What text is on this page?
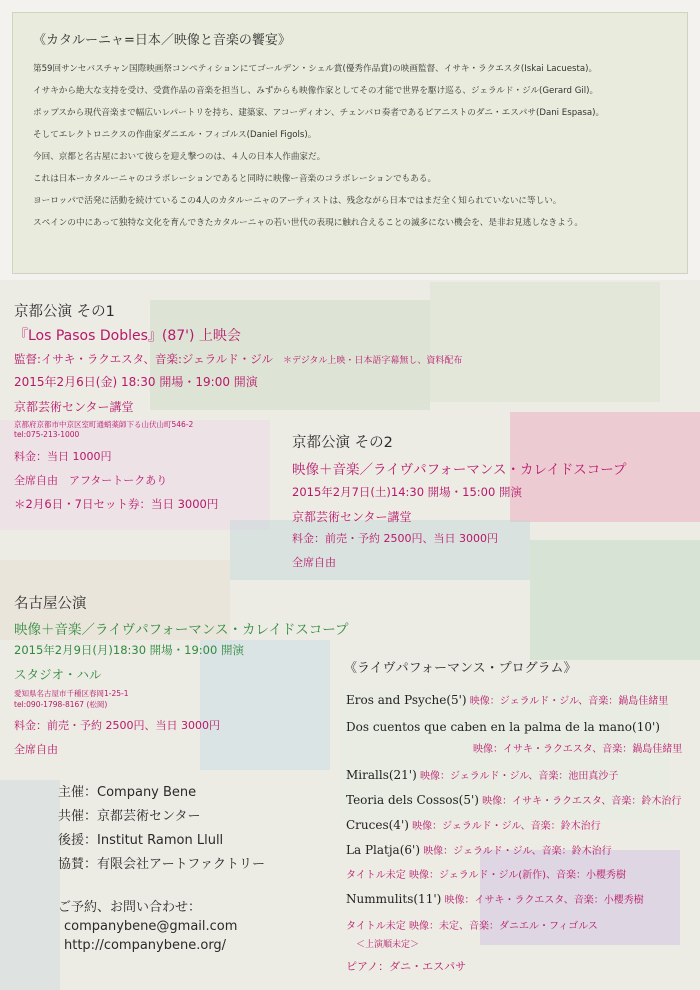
《カタルーニャ=日本／映像と音楽の饗宴》

第59回サンセバスチャン国際映画祭コンペティションにてゴールデン・シェル賞(優秀作品賞)の映画監督、イサキ・ラクエスタ(Iskai Lacuesta)。

イサキから絶大な支持を受け、受賞作品の音楽を担当し、みずからも映像作家としてその才能で世界を駆け巡る、ジェラルド・ジル(Gerard Gil)。

ポップスから現代音楽まで幅広いレパートリを持ち、建築家、アコーディオン、チェンバロ奏者であるピアニストのダニ・エスパサ(Dani Espasa)。

そしてエレクトロニクスの作曲家ダニエル・フィゴルス(Daniel Figols)。

今回、京都と名古屋において彼らを迎え撃つのは、４人の日本人作曲家だ。

これは日本ーカタルーニャのコラボレーションであると同時に映像ー音楽のコラボレーションでもある。

ヨーロッパで活発に活動を続けているこの4人のカタルーニャのアーティストは、残念ながら日本ではまだ全く知られていないに等しい。

スペインの中にあって独特な文化を育んできたカタルーニャの若い世代の表現に触れ合えることの滅多にない機会を、是非お見逃しなきよう。

京都公演 その1
『Los Pasos Dobles』(87') 上映会
監督:イサキ・ラクエスタ、音楽:ジェラルド・ジル ＊デジタル上映・日本語字幕無し、資料配布
2015年2月6日(金) 18:30 開場・19:00 開演
京都芸術センター講堂
京都府京都市中京区室町通蛸薬師下る山伏山町546-2
tel:075-213-1000
料金：当日 1000円
全席自由　アフタートークあり
＊2月6日・7日セット券：当日 3000円
京都公演 その2
映像＋音楽／ライヴパフォーマンス・カレイドスコープ
2015年2月7日(土)14:30 開場・15:00 開演
京都芸術センター講堂
料金：前売・予約 2500円、当日 3000円
全席自由
名古屋公演
映像＋音楽／ライヴパフォーマンス・カレイドスコープ
2015年2月9日(月)18:30 開場・19:00 開演
スタジオ・ハル
愛知県名古屋市千種区春岡1-25-1
tel:090-1798-8167 (松岡)
料金：前売・予約 2500円、当日 3000円
全席自由
主催：Company Bene
共催：京都芸術センター
後援：Institut Ramon Llull
協賛：有限会社アートファクトリー
ご予約、お問い合わせ：
companybene@gmail.com
http://companybene.org/
《ライヴパフォーマンス・プログラム》
Eros and Psyche(5') 映像：ジェラルド・ジル、音楽：鍋島佳緒里
Dos cuentos que caben en la palma de la mano(10')
映像：イサキ・ラクエスタ、音楽：鍋島佳緒里
Miralls(21') 映像：ジェラルド・ジル、音楽：池田真沙子
Teoria dels Cossos(5') 映像：イサキ・ラクエスタ、音楽：鈴木治行
Cruces(4') 映像：ジェラルド・ジル、音楽：鈴木治行
La Platja(6') 映像：ジェラルド・ジル、音楽：鈴木治行
タイトル未定 映像：ジェラルド・ジル(新作)、音楽：小櫻秀樹
Nummulits(11') 映像：イサキ・ラクエスタ、音楽：小櫻秀樹
タイトル未定 映像：未定、音楽：ダニエル・フィゴルス
＜上演順未定＞
ピアノ：ダニ・エスパサ
